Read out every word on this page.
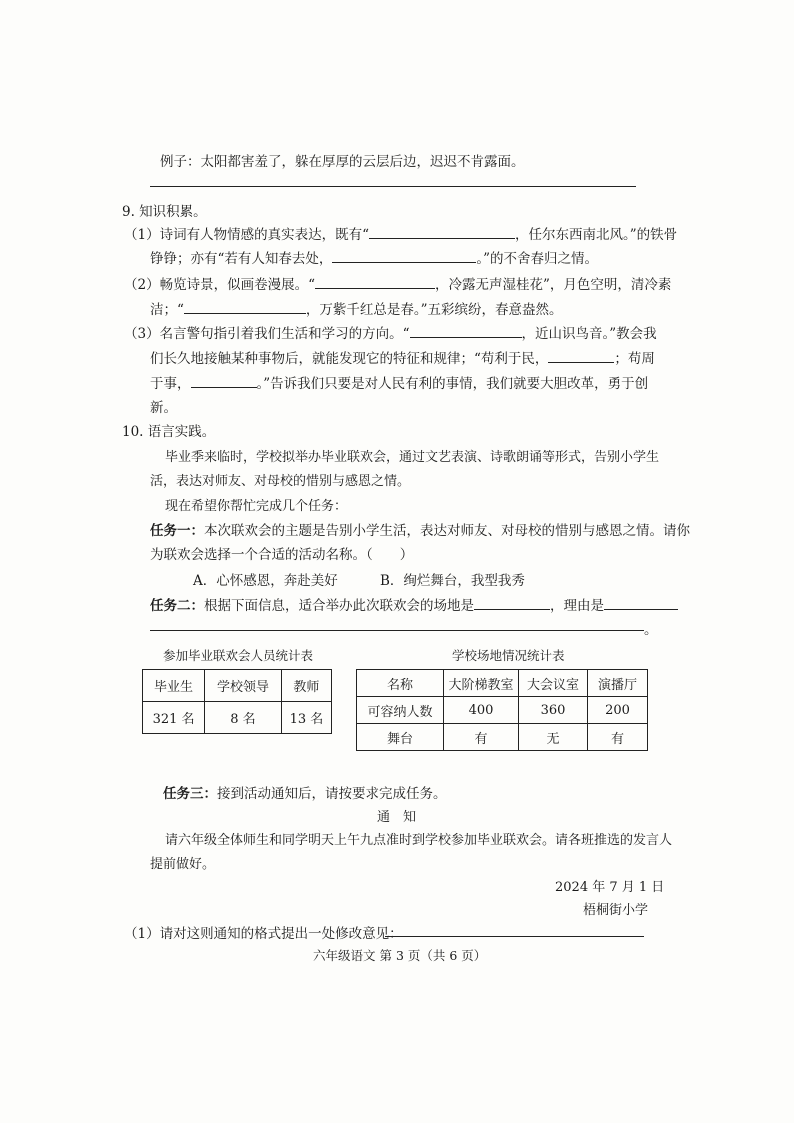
例子：太阳都害羞了，躲在厚厚的云层后边，迟迟不肯露面。
9. 知识积累。
（1）诗词有人物情感的真实表达，既有“	，任尔东西南北风。”的铁骨
铮铮；亦有“若有人知春去处，	。”的不舍春归之情。
（2）畅览诗景，似画卷漫展。“	，冷露无声湿桂花”，月色空明，清冷素
洁；“	，万紫千红总是春。”五彩缤纷，春意盎然。
（3）名言警句指引着我们生活和学习的方向。“	，近山识鸟音。”教会我
们长久地接触某种事物后，就能发现它的特征和规律；“苟利于民，	；苟周
于事，	。”告诉我们只要是对人民有利的事情，我们就要大胆改革，勇于创
新。
10. 语言实践。
毕业季来临时，学校拟举办毕业联欢会，通过文艺表演、诗歌朗诵等形式，告别小学生
活，表达对师友、对母校的惜别与感恩之情。
现在希望你帮忙完成几个任务：
任务一：本次联欢会的主题是告别小学生活，表达对师友、对母校的惜别与感恩之情。请你
为联欢会选择一个合适的活动名称。（　　）
A．心怀感恩，奔赴美好	B．绚烂舞台，我型我秀
任务二：根据下面信息，适合举办此次联欢会的场地是	，理由是
。
参加毕业联欢会人员统计表
毕业生	学校领导	教师
321 名	8 名	13 名
学校场地情况统计表
名称	大阶梯教室	大会议室	演播厅
可容纳人数	400	360	200
舞台	有	无	有
任务三：接到活动通知后，请按要求完成任务。
通　知
请六年级全体师生和同学明天上午九点准时到学校参加毕业联欢会。请各班推选的发言人
提前做好。
2024 年 7 月 1 日
梧桐街小学
（1）请对这则通知的格式提出一处修改意见：
六年级语文 第 3 页（共 6 页）
